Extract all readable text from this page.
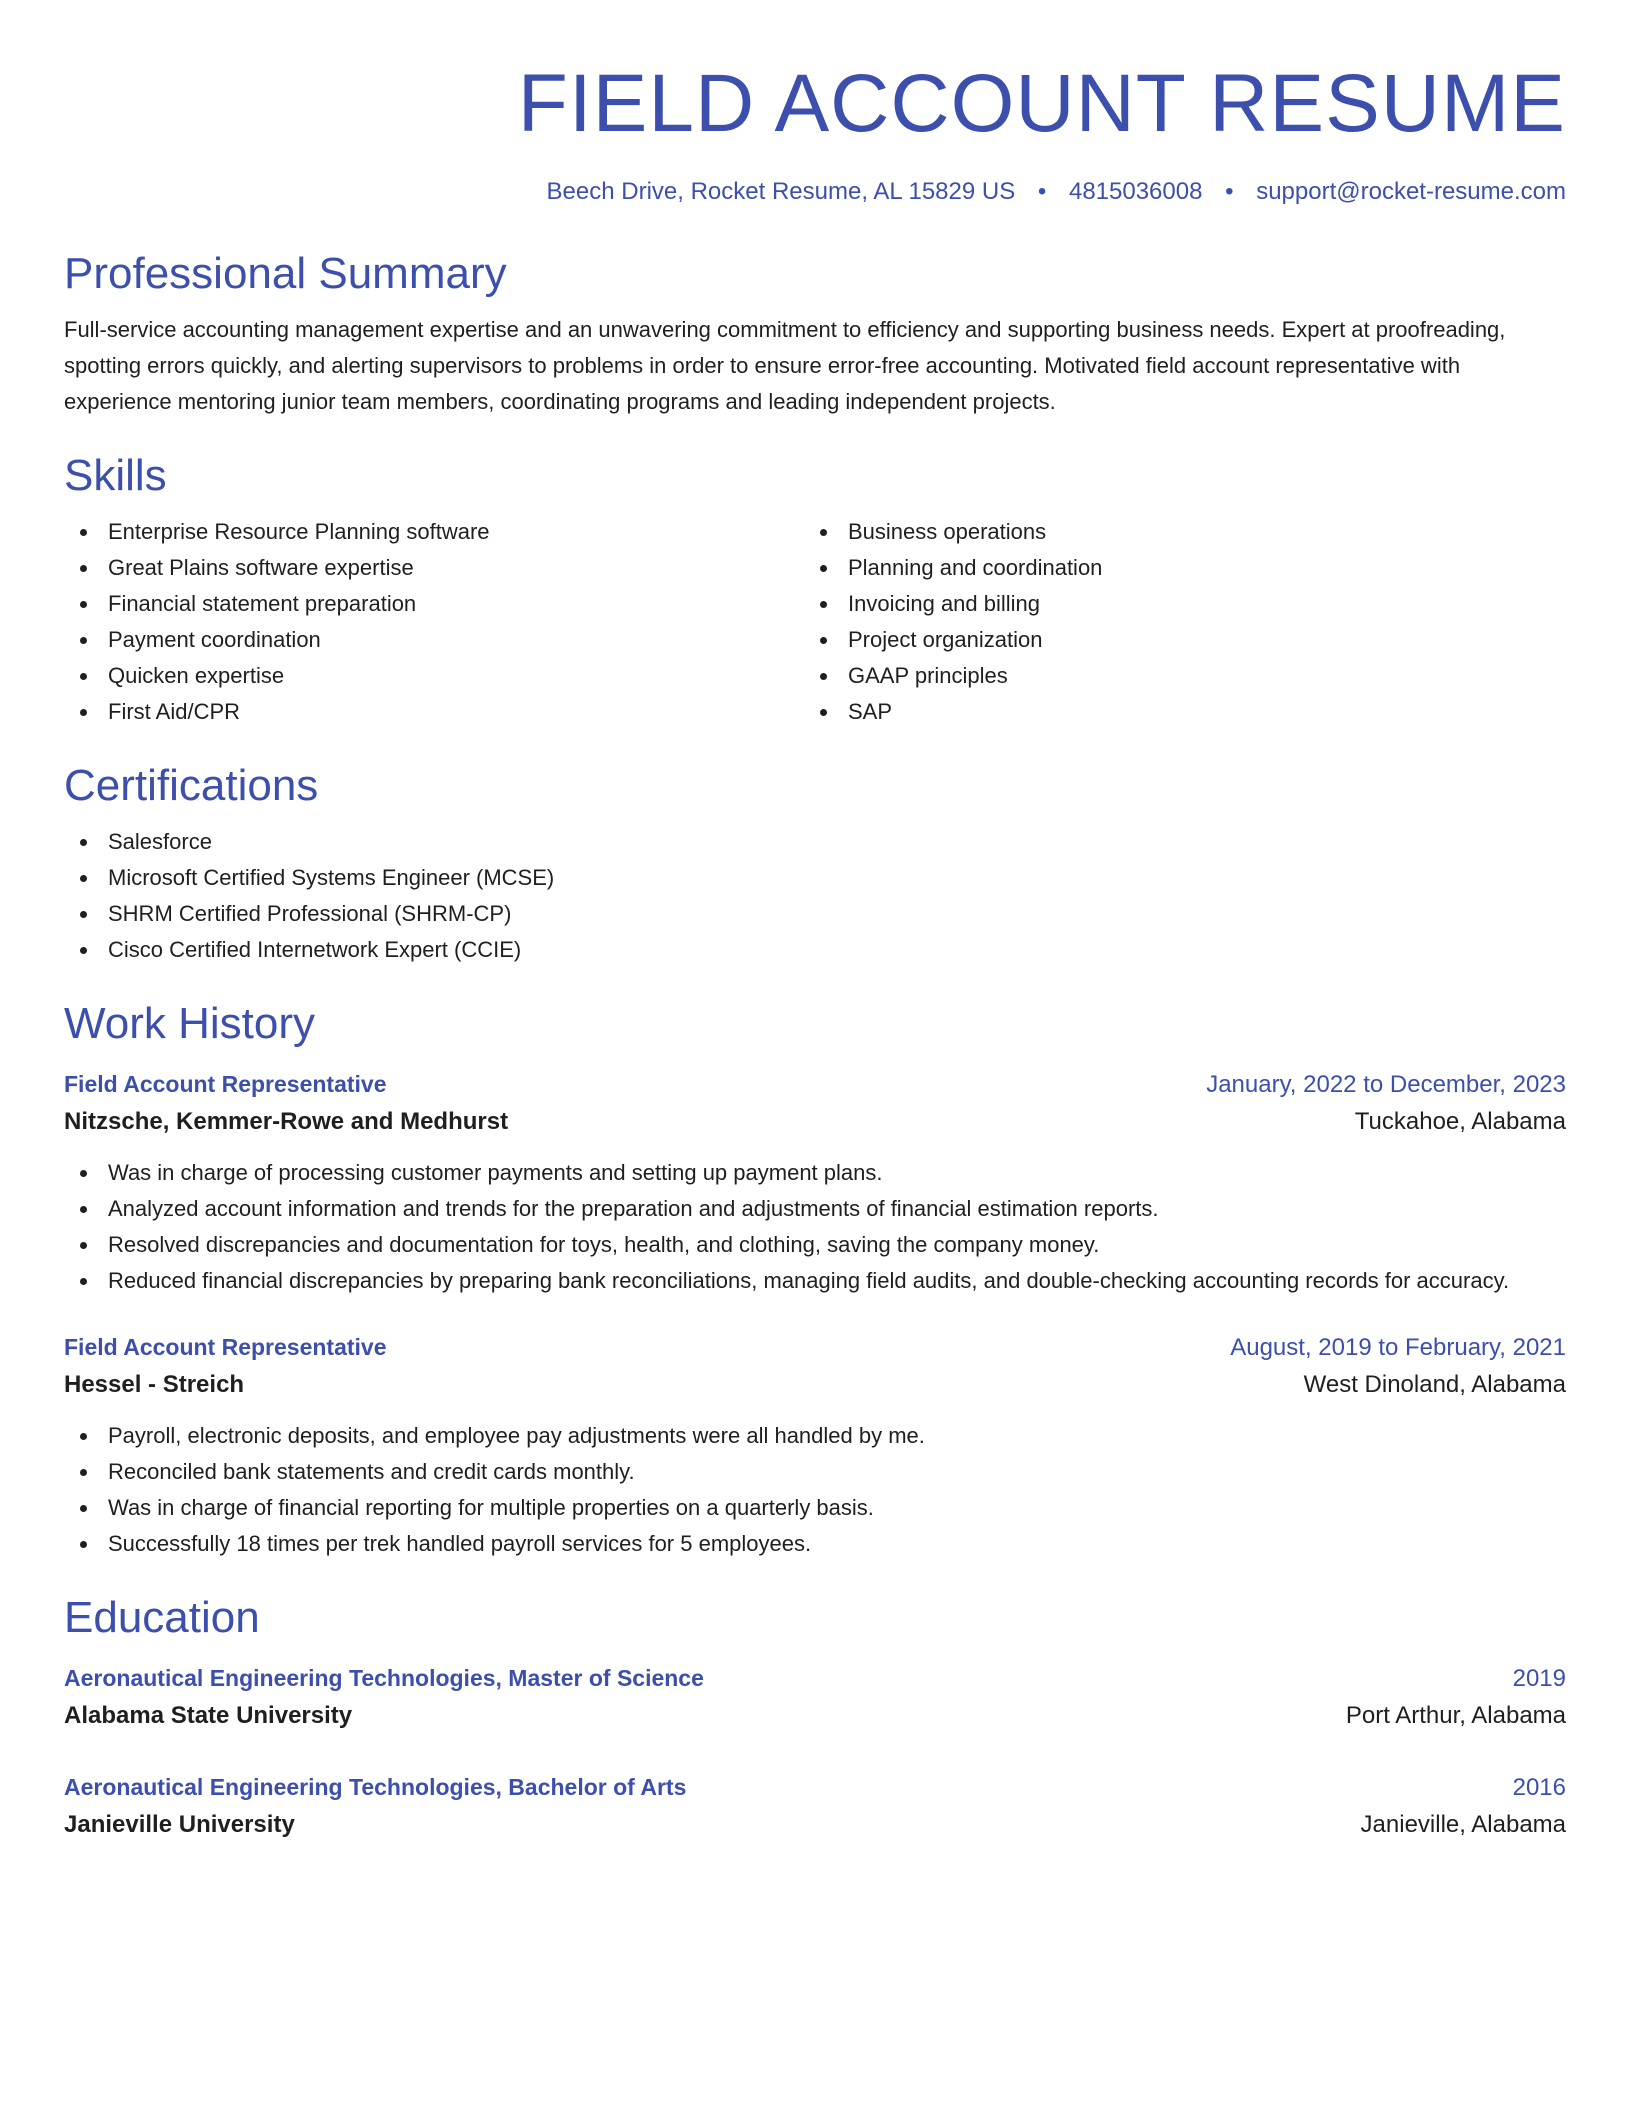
FIELD ACCOUNT RESUME
Beech Drive, Rocket Resume, AL 15829 US • 4815036008 • support@rocket-resume.com
Professional Summary

Full-service accounting management expertise and an unwavering commitment to efficiency and supporting business needs. Expert at proofreading, spotting errors quickly, and alerting supervisors to problems in order to ensure error-free accounting. Motivated field account representative with experience mentoring junior team members, coordinating programs and leading independent projects.

Skills
Enterprise Resource Planning software
Great Plains software expertise
Financial statement preparation
Payment coordination
Quicken expertise
First Aid/CPR
Business operations
Planning and coordination
Invoicing and billing
Project organization
GAAP principles
SAP
Certifications
Salesforce
Microsoft Certified Systems Engineer (MCSE)
SHRM Certified Professional (SHRM-CP)
Cisco Certified Internetwork Expert (CCIE)
Work History
Field Account Representative	January, 2022 to December, 2023
Nitzsche, Kemmer-Rowe and Medhurst	Tuckahoe, Alabama
Was in charge of processing customer payments and setting up payment plans.
Analyzed account information and trends for the preparation and adjustments of financial estimation reports.
Resolved discrepancies and documentation for toys, health, and clothing, saving the company money.
Reduced financial discrepancies by preparing bank reconciliations, managing field audits, and double-checking accounting records for accuracy.
Field Account Representative	August, 2019 to February, 2021
Hessel - Streich	West Dinoland, Alabama
Payroll, electronic deposits, and employee pay adjustments were all handled by me.
Reconciled bank statements and credit cards monthly.
Was in charge of financial reporting for multiple properties on a quarterly basis.
Successfully 18 times per trek handled payroll services for 5 employees.
Education
Aeronautical Engineering Technologies, Master of Science	2019
Alabama State University	Port Arthur, Alabama
Aeronautical Engineering Technologies, Bachelor of Arts	2016
Janieville University	Janieville, Alabama
